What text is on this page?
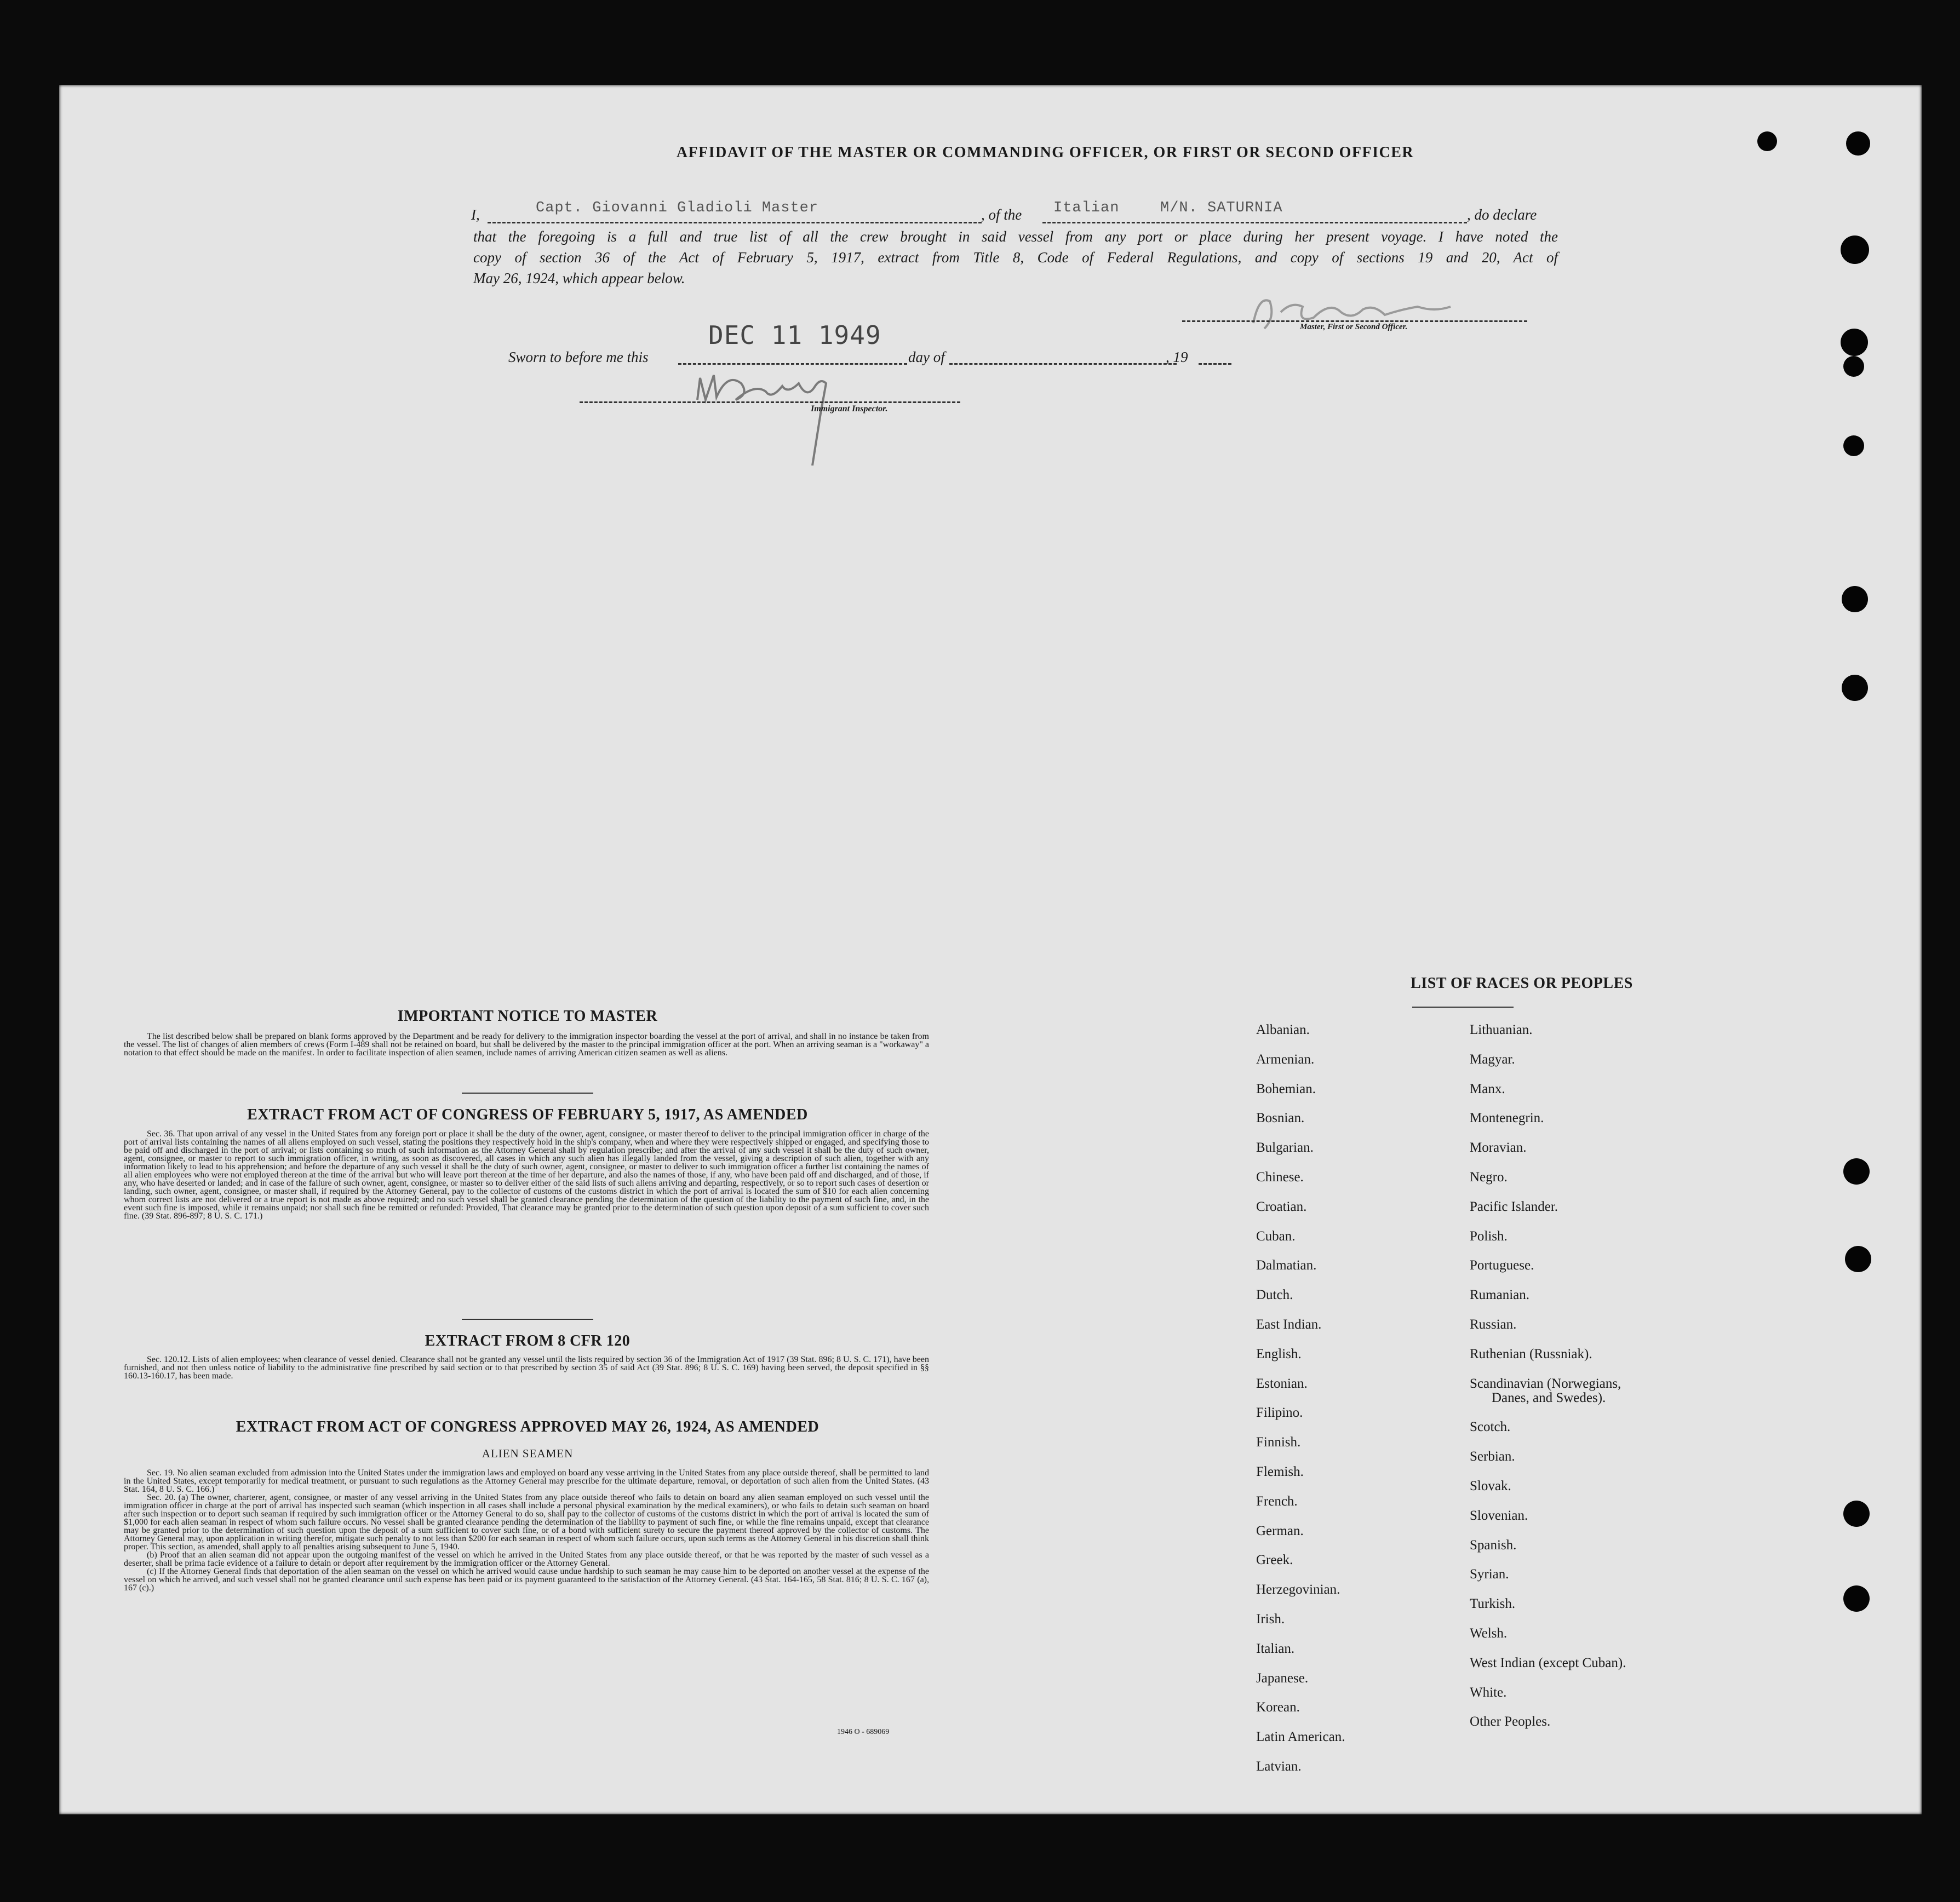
AFFIDAVIT OF THE MASTER OR COMMANDING OFFICER, OR FIRST OR SECOND OFFICER
I,	Capt. Giovanni Gladioli Master	, of the Italian	M/N. SATURNIA	, do declare
that the foregoing is a full and true list of all the crew brought in said vessel from any port or place during her present voyage. I have noted the
copy of section 36 of the Act of February 5, 1917, extract from Title 8, Code of Federal Regulations, and copy of sections 19 and 20, Act of
May 26, 1924, which appear below.
Master, First or Second Officer.
Sworn to before me this
DEC 11 1949
day of	, 19
Immigrant Inspector.
IMPORTANT NOTICE TO MASTER
The list described below shall be prepared on blank forms approved by the Department and be ready for delivery to the immigration inspector boarding the vessel at the port of arrival, and shall in no instance be taken from the vessel. The list of changes of alien members of crews (Form I-489 shall not be retained on board, but shall be delivered by the master to the principal immigration officer at the port. When an arriving seaman is a "workaway" a notation to that effect should be made on the manifest. In order to facilitate inspection of alien seamen, include names of arriving American citizen seamen as well as aliens.
EXTRACT FROM ACT OF CONGRESS OF FEBRUARY 5, 1917, AS AMENDED
Sec. 36. That upon arrival of any vessel in the United States from any foreign port or place it shall be the duty of the owner, agent, consignee, or master thereof to deliver to the principal immigration officer in charge of the port of arrival lists containing the names of all aliens employed on such vessel, stating the positions they respectively hold in the ship's company, when and where they were respectively shipped or engaged, and specifying those to be paid off and discharged in the port of arrival; or lists containing so much of such information as the Attorney General shall by regulation prescribe; and after the arrival of any such vessel it shall be the duty of such owner, agent, consignee, or master to report to such immigration officer, in writing, as soon as discovered, all cases in which any such alien has illegally landed from the vessel, giving a description of such alien, together with any information likely to lead to his apprehension; and before the departure of any such vessel it shall be the duty of such owner, agent, consignee, or master to deliver to such immigration officer a further list containing the names of all alien employees who were not employed thereon at the time of the arrival but who will leave port thereon at the time of her departure, and also the names of those, if any, who have been paid off and discharged, and of those, if any, who have deserted or landed; and in case of the failure of such owner, agent, consignee, or master so to deliver either of the said lists of such aliens arriving and departing, respectively, or so to report such cases of desertion or landing, such owner, agent, consignee, or master shall, if required by the Attorney General, pay to the collector of customs of the customs district in which the port of arrival is located the sum of $10 for each alien concerning whom correct lists are not delivered or a true report is not made as above required; and no such vessel shall be granted clearance pending the determination of the question of the liability to the payment of such fine, and, in the event such fine is imposed, while it remains unpaid; nor shall such fine be remitted or refunded: Provided, That clearance may be granted prior to the determination of such question upon deposit of a sum sufficient to cover such fine. (39 Stat. 896-897; 8 U. S. C. 171.)
EXTRACT FROM 8 CFR 120
Sec. 120.12. Lists of alien employees; when clearance of vessel denied. Clearance shall not be granted any vessel until the lists required by section 36 of the Immigration Act of 1917 (39 Stat. 896; 8 U. S. C. 171), have been furnished, and not then unless notice of liability to the administrative fine prescribed by said section or to that prescribed by section 35 of said Act (39 Stat. 896; 8 U. S. C. 169) having been served, the deposit specified in §§ 160.13-160.17, has been made.
EXTRACT FROM ACT OF CONGRESS APPROVED MAY 26, 1924, AS AMENDED
ALIEN SEAMEN
Sec. 19. No alien seaman excluded from admission into the United States under the immigration laws and employed on board any vesse arriving in the United States from any place outside thereof, shall be permitted to land in the United States, except temporarily for medical treatment, or pursuant to such regulations as the Attorney General may prescribe for the ultimate departure, removal, or deportation of such alien from the United States. (43 Stat. 164, 8 U. S. C. 166.)
Sec. 20. (a) The owner, charterer, agent, consignee, or master of any vessel arriving in the United States from any place outside thereof who fails to detain on board any alien seaman employed on such vessel until the immigration officer in charge at the port of arrival has inspected such seaman (which inspection in all cases shall include a personal physical examination by the medical examiners), or who fails to detain such seaman on board after such inspection or to deport such seaman if required by such immigration officer or the Attorney General to do so, shall pay to the collector of customs of the customs district in which the port of arrival is located the sum of $1,000 for each alien seaman in respect of whom such failure occurs. No vessel shall be granted clearance pending the determination of the liability to payment of such fine, or while the fine remains unpaid, except that clearance may be granted prior to the determination of such question upon the deposit of a sum sufficient to cover such fine, or of a bond with sufficient surety to secure the payment thereof approved by the collector of customs. The Attorney General may, upon application in writing therefor, mitigate such penalty to not less than $200 for each seaman in respect of whom such failure occurs, upon such terms as the Attorney General in his discretion shall think proper. This section, as amended, shall apply to all penalties arising subsequent to June 5, 1940.
(b) Proof that an alien seaman did not appear upon the outgoing manifest of the vessel on which he arrived in the United States from any place outside thereof, or that he was reported by the master of such vessel as a deserter, shall be prima facie evidence of a failure to detain or deport after requirement by the immigration officer or the Attorney General.
(c) If the Attorney General finds that deportation of the alien seaman on the vessel on which he arrived would cause undue hardship to such seaman he may cause him to be deported on another vessel at the expense of the vessel on which he arrived, and such vessel shall not be granted clearance until such expense has been paid or its payment guaranteed to the satisfaction of the Attorney General. (43 Stat. 164-165, 58 Stat. 816; 8 U. S. C. 167 (a), 167 (c).)
1946 O - 689069
LIST OF RACES OR PEOPLES
Albanian.
Armenian.
Bohemian.
Bosnian.
Bulgarian.
Chinese.
Croatian.
Cuban.
Dalmatian.
Dutch.
East Indian.
English.
Estonian.
Filipino.
Finnish.
Flemish.
French.
German.
Greek.
Herzegovinian.
Irish.
Italian.
Japanese.
Korean.
Latin American.
Latvian.
Lithuanian.
Magyar.
Manx.
Montenegrin.
Moravian.
Negro.
Pacific Islander.
Polish.
Portuguese.
Rumanian.
Russian.
Ruthenian (Russniak).
Scandinavian (Norwegians,
Danes, and Swedes).
Scotch.
Serbian.
Slovak.
Slovenian.
Spanish.
Syrian.
Turkish.
Welsh.
West Indian (except Cuban).
White.
Other Peoples.
